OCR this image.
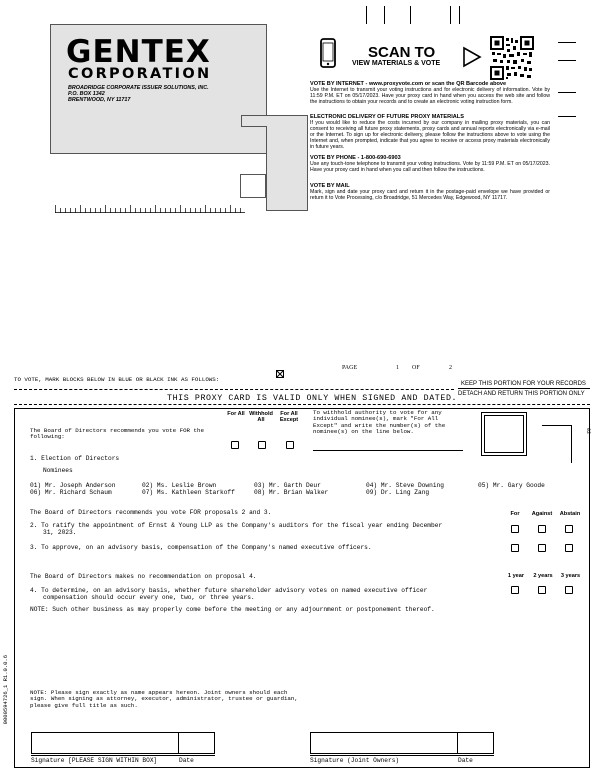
GENTEX
CORPORATION
BROADRIDGE CORPORATE ISSUER SOLUTIONS, INC.
P.O. BOX 1342
BRENTWOOD, NY 11717
SCAN TO
VIEW MATERIALS & VOTE
VOTE BY INTERNET - www.proxyvote.com or scan the QR Barcode above
Use the Internet to transmit your voting instructions and for electronic delivery of information. Vote by 11:59 P.M. ET on 05/17/2023. Have your proxy card in hand when you access the web site and follow the instructions to obtain your records and to create an electronic voting instruction form.
ELECTRONIC DELIVERY OF FUTURE PROXY MATERIALS
If you would like to reduce the costs incurred by our company in mailing proxy materials, you can consent to receiving all future proxy statements, proxy cards and annual reports electronically via e-mail or the Internet. To sign up for electronic delivery, please follow the instructions above to vote using the Internet and, when prompted, indicate that you agree to receive or access proxy materials electronically in future years.
VOTE BY PHONE - 1-800-690-6903
Use any touch-tone telephone to transmit your voting instructions. Vote by 11:59 P.M. ET on 05/17/2023. Have your proxy card in hand when you call and then follow the instructions.
VOTE BY MAIL
Mark, sign and date your proxy card and return it in the postage-paid envelope we have provided or return it to Vote Processing, c/o Broadridge, 51 Mercedes Way, Edgewood, NY 11717.
TO VOTE, MARK BLOCKS BELOW IN BLUE OR BLACK INK AS FOLLOWS:
PAGE	1 OF	2
KEEP THIS PORTION FOR YOUR RECORDS
DETACH AND RETURN THIS PORTION ONLY
THIS PROXY CARD IS VALID ONLY WHEN SIGNED AND DATED.
For All Withhold All
For All Except
To withhold authority to vote for any individual nominee(s), mark "For All Except" and write the number(s) of the nominee(s) on the line below.
The Board of Directors recommends you vote FOR the following:
02
1. Election of Directors
Nominees
01) Mr. Joseph Anderson	02) Ms. Leslie Brown	03) Mr. Garth Deur	04) Mr. Steve Downing	05) Mr. Gary Goode
06) Mr. Richard Schaum	07) Ms. Kathleen Starkoff	08) Mr. Brian Walker	09) Dr. Ling Zang
The Board of Directors recommends you vote FOR proposals 2 and 3.	For	Against	Abstain
2. To ratify the appointment of Ernst & Young LLP as the Company's auditors for the fiscal year ending December
31, 2023.
3. To approve, on an advisory basis, compensation of the Company's named executive officers.
The Board of Directors makes no recommendation on proposal 4.	1 year	2 years	3 years
4. To determine, on an advisory basis, whether future shareholder advisory votes on named executive officer
compensation should occur every one, two, or three years.
NOTE: Such other business as may properly come before the meeting or any adjournment or postponement thereof.
NOTE: Please sign exactly as name appears hereon. Joint owners should each sign. When signing as attorney, executor, administrator, trustee or guardian, please give full title as such.
0000594726_1 R1.0.0.6
Signature [PLEASE SIGN WITHIN BOX]	Date	Signature (Joint Owners)	Date
